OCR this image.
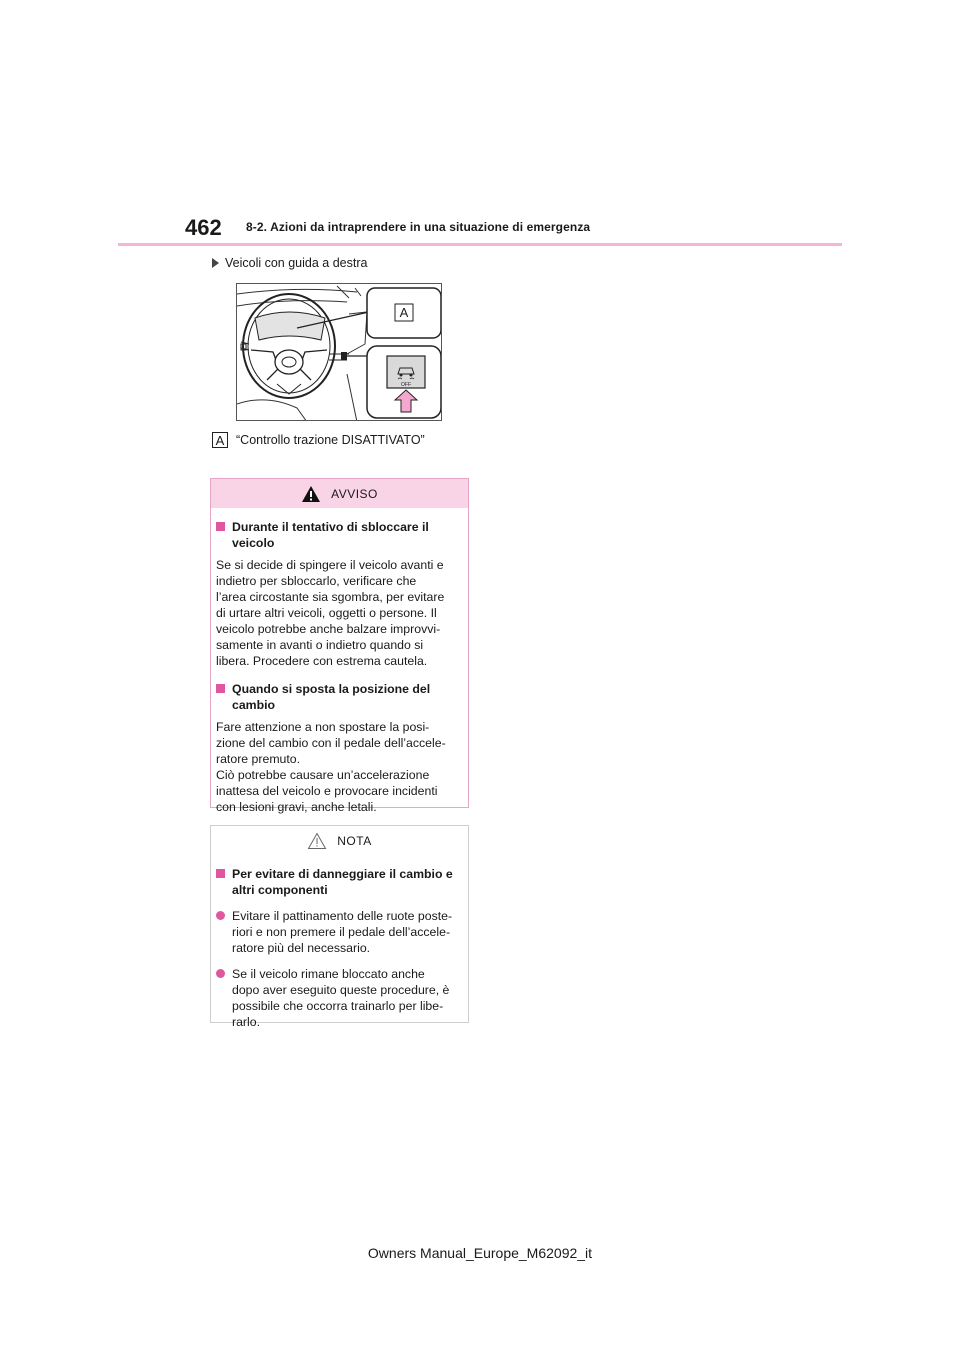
462 8-2. Azioni da intraprendere in una situazione di emergenza
Veicoli con guida a destra
A
OFF
A “Controllo trazione DISATTIVATO”
AVVISO
Durante il tentativo di sbloccare il veicolo

Se si decide di spingere il veicolo avanti e
indietro per sbloccarlo, verificare che
l’area circostante sia sgombra, per evitare
di urtare altri veicoli, oggetti o persone. Il
veicolo potrebbe anche balzare improvvi-
samente in avanti o indietro quando si
libera. Procedere con estrema cautela.

Quando si sposta la posizione del cambio

Fare attenzione a non spostare la posi-
zione del cambio con il pedale dell’accele-
ratore premuto.
Ciò potrebbe causare un’accelerazione
inattesa del veicolo e provocare incidenti
con lesioni gravi, anche letali.

NOTA
Per evitare di danneggiare il cambio e altri componenti
Evitare il pattinamento delle ruote poste-
riori e non premere il pedale dell’accele-
ratore più del necessario.
Se il veicolo rimane bloccato anche
dopo aver eseguito queste procedure, è
possibile che occorra trainarlo per libe-
rarlo.
Owners Manual_Europe_M62092_it
